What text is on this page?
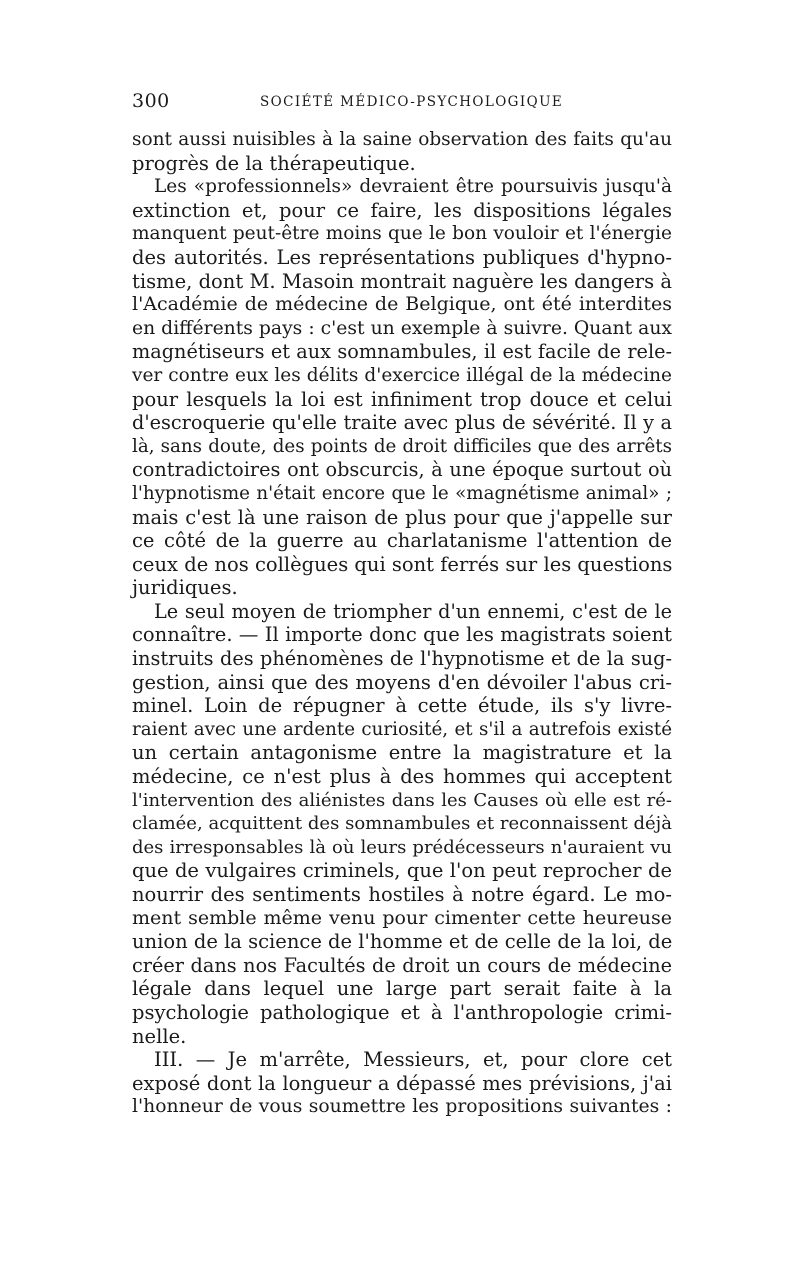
300	SOCIÉTÉ MÉDICO-PSYCHOLOGIQUE
sont aussi nuisibles à la saine observation des faits qu'au
progrès de la thérapeutique.
Les «professionnels» devraient être poursuivis jusqu'à
extinction et, pour ce faire, les dispositions légales
manquent peut-être moins que le bon vouloir et l'énergie
des autorités. Les représentations publiques d'hypno-
tisme, dont M. Masoin montrait naguère les dangers à
l'Académie de médecine de Belgique, ont été interdites
en différents pays : c'est un exemple à suivre. Quant aux
magnétiseurs et aux somnambules, il est facile de rele-
ver contre eux les délits d'exercice illégal de la médecine
pour lesquels la loi est infiniment trop douce et celui
d'escroquerie qu'elle traite avec plus de sévérité. Il y a
là, sans doute, des points de droit difficiles que des arrêts
contradictoires ont obscurcis, à une époque surtout où
l'hypnotisme n'était encore que le «magnétisme animal» ;
mais c'est là une raison de plus pour que j'appelle sur
ce côté de la guerre au charlatanisme l'attention de
ceux de nos collègues qui sont ferrés sur les questions
juridiques.
Le seul moyen de triompher d'un ennemi, c'est de le
connaître. — Il importe donc que les magistrats soient
instruits des phénomènes de l'hypnotisme et de la sug-
gestion, ainsi que des moyens d'en dévoiler l'abus cri-
minel. Loin de répugner à cette étude, ils s'y livre-
raient avec une ardente curiosité, et s'il a autrefois existé
un certain antagonisme entre la magistrature et la
médecine, ce n'est plus à des hommes qui acceptent
l'intervention des aliénistes dans les Causes où elle est ré-
clamée, acquittent des somnambules et reconnaissent déjà
des irresponsables là où leurs prédécesseurs n'auraient vu
que de vulgaires criminels, que l'on peut reprocher de
nourrir des sentiments hostiles à notre égard. Le mo-
ment semble même venu pour cimenter cette heureuse
union de la science de l'homme et de celle de la loi, de
créer dans nos Facultés de droit un cours de médecine
légale dans lequel une large part serait faite à la
psychologie pathologique et à l'anthropologie crimi-
nelle.
III. — Je m'arrête, Messieurs, et, pour clore cet
exposé dont la longueur a dépassé mes prévisions, j'ai
l'honneur de vous soumettre les propositions suivantes :
